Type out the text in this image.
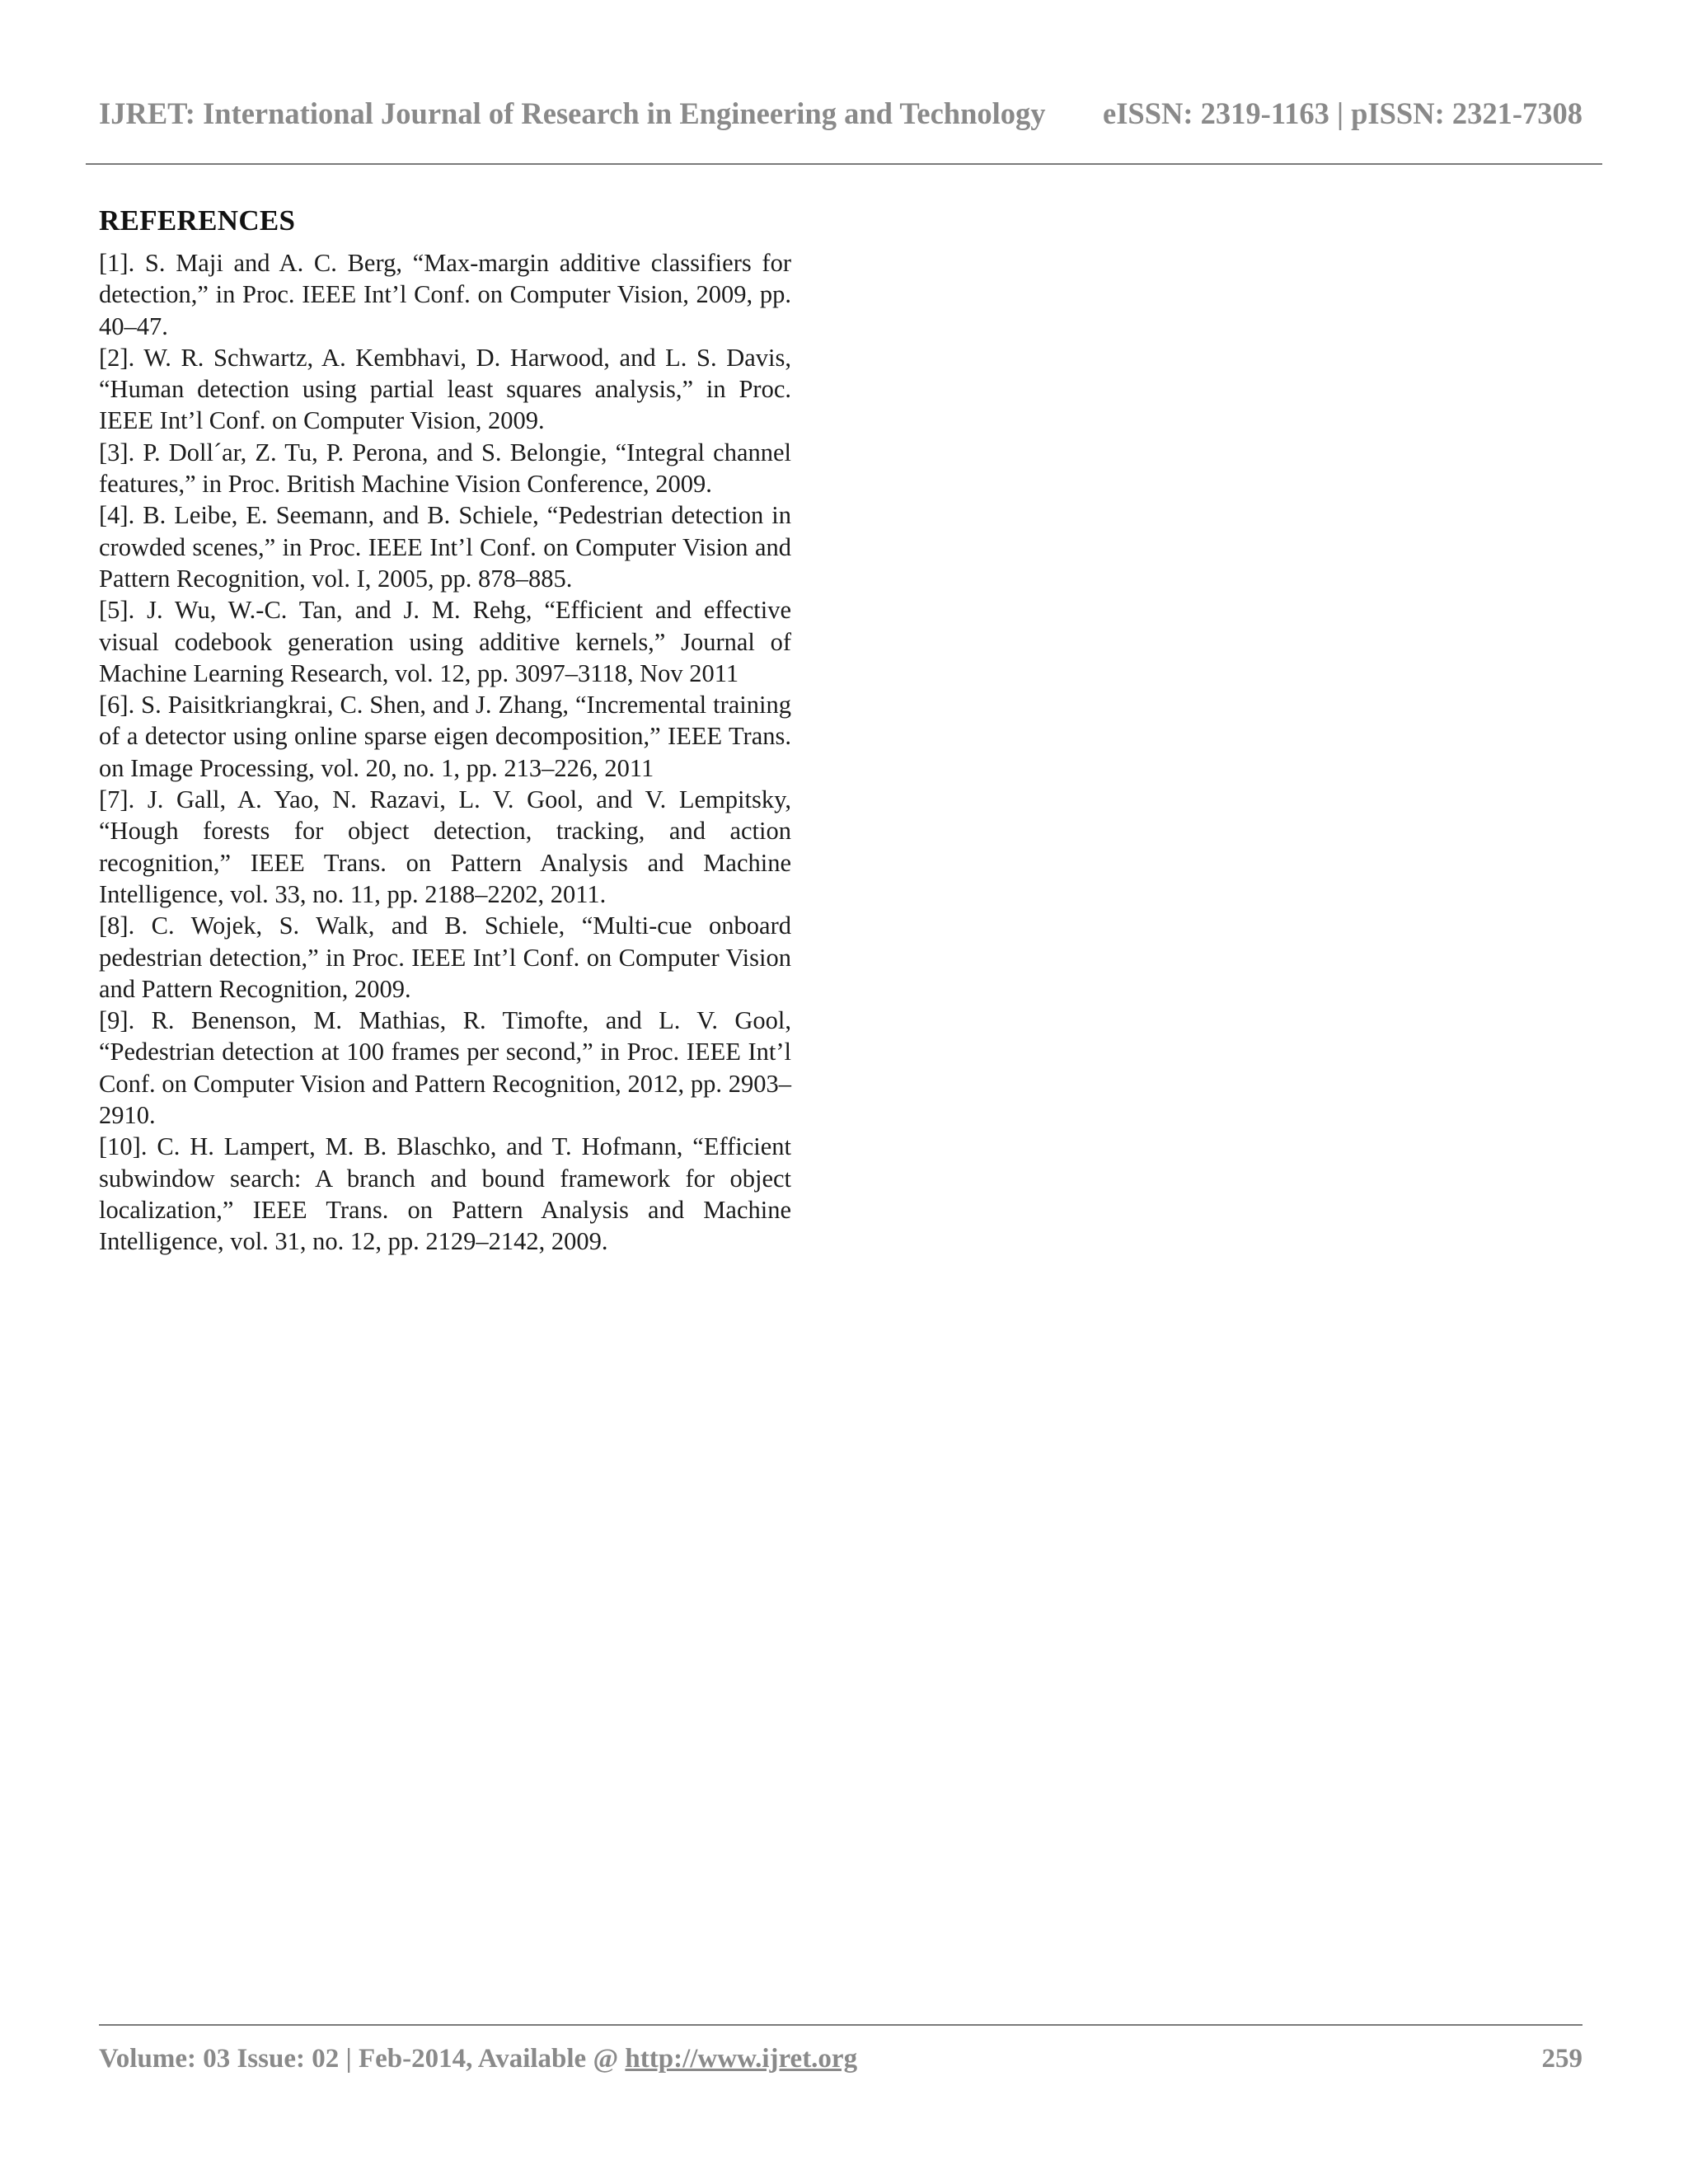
IJRET: International Journal of Research in Engineering and Technology eISSN: 2319-1163 | pISSN: 2321-7308
REFERENCES

[1]. S. Maji and A. C. Berg, “Max-margin additive classifiers for detection,” in Proc. IEEE Int’l Conf. on Computer Vision, 2009, pp. 40–47.

[2]. W. R. Schwartz, A. Kembhavi, D. Harwood, and L. S. Davis, “Human detection using partial least squares analysis,” in Proc. IEEE Int’l Conf. on Computer Vision, 2009.

[3]. P. Doll´ar, Z. Tu, P. Perona, and S. Belongie, “Integral channel features,” in Proc. British Machine Vision Conference, 2009.

[4]. B. Leibe, E. Seemann, and B. Schiele, “Pedestrian detection in crowded scenes,” in Proc. IEEE Int’l Conf. on Computer Vision and Pattern Recognition, vol. I, 2005, pp. 878–885.

[5]. J. Wu, W.-C. Tan, and J. M. Rehg, “Efficient and effective visual codebook generation using additive kernels,” Journal of Machine Learning Research, vol. 12, pp. 3097–3118, Nov 2011

[6]. S. Paisitkriangkrai, C. Shen, and J. Zhang, “Incremental training of a detector using online sparse eigen decomposition,” IEEE Trans. on Image Processing, vol. 20, no. 1, pp. 213–226, 2011

[7]. J. Gall, A. Yao, N. Razavi, L. V. Gool, and V. Lempitsky, “Hough forests for object detection, tracking, and action recognition,” IEEE Trans. on Pattern Analysis and Machine Intelligence, vol. 33, no. 11, pp. 2188–2202, 2011.

[8]. C. Wojek, S. Walk, and B. Schiele, “Multi-cue onboard pedestrian detection,” in Proc. IEEE Int’l Conf. on Computer Vision and Pattern Recognition, 2009.

[9]. R. Benenson, M. Mathias, R. Timofte, and L. V. Gool, “Pedestrian detection at 100 frames per second,” in Proc. IEEE Int’l Conf. on Computer Vision and Pattern Recognition, 2012, pp. 2903–2910.

[10]. C. H. Lampert, M. B. Blaschko, and T. Hofmann, “Efficient subwindow search: A branch and bound framework for object localization,” IEEE Trans. on Pattern Analysis and Machine Intelligence, vol. 31, no. 12, pp. 2129–2142, 2009.

Volume: 03 Issue: 02 | Feb-2014, Available @ http://www.ijret.org	259
